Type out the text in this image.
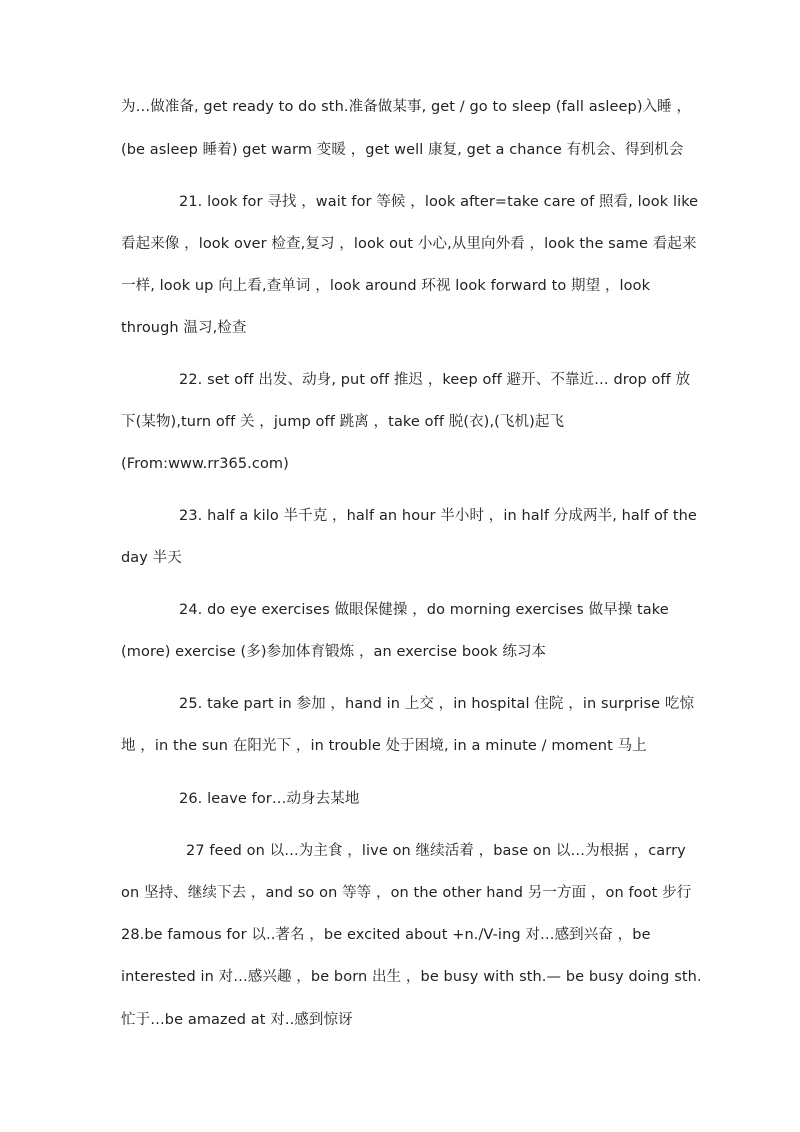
为…做准备, get ready to do sth.准备做某事, get / go to sleep (fall asleep)入睡 ，
(be asleep 睡着) get warm 变暖 ，get well 康复, get a chance 有机会、得到机会
21. look for 寻找 ，wait for 等候 ，look after=take care of 照看, look like
看起来像 ，look over 检查,复习 ，look out 小心,从里向外看 ，look the same 看起来
一样, look up 向上看,查单词 ，look around 环视 look forward to 期望 ，look
through 温习,检查
22. set off 出发、动身, put off 推迟 ，keep off 避开、不靠近… drop off 放
下(某物),turn off 关 ，jump off 跳离 ，take off 脱(衣),(飞机)起飞
(From:www.rr365.com)
23. half a kilo 半千克 ，half an hour 半小时 ，in half 分成两半, half of the
day 半天
24. do eye exercises 做眼保健操 ，do morning exercises 做早操 take
(more) exercise (多)参加体育锻炼 ，an exercise book 练习本
25. take part in 参加 ，hand in 上交 ，in hospital 住院 ，in surprise 吃惊
地 ，in the sun 在阳光下 ，in trouble 处于困境, in a minute / moment 马上
26. leave for…动身去某地
27 feed on 以…为主食 ，live on 继续活着 ，base on 以…为根据 ，carry
on 坚持、继续下去 ，and so on 等等 ，on the other hand 另一方面 ，on foot 步行
28.be famous for 以..著名 ，be excited about +n./V-ing 对…感到兴奋 ，be
interested in 对…感兴趣 ，be born 出生 ，be busy with sth.— be busy doing sth.
忙于…be amazed at 对..感到惊讶
